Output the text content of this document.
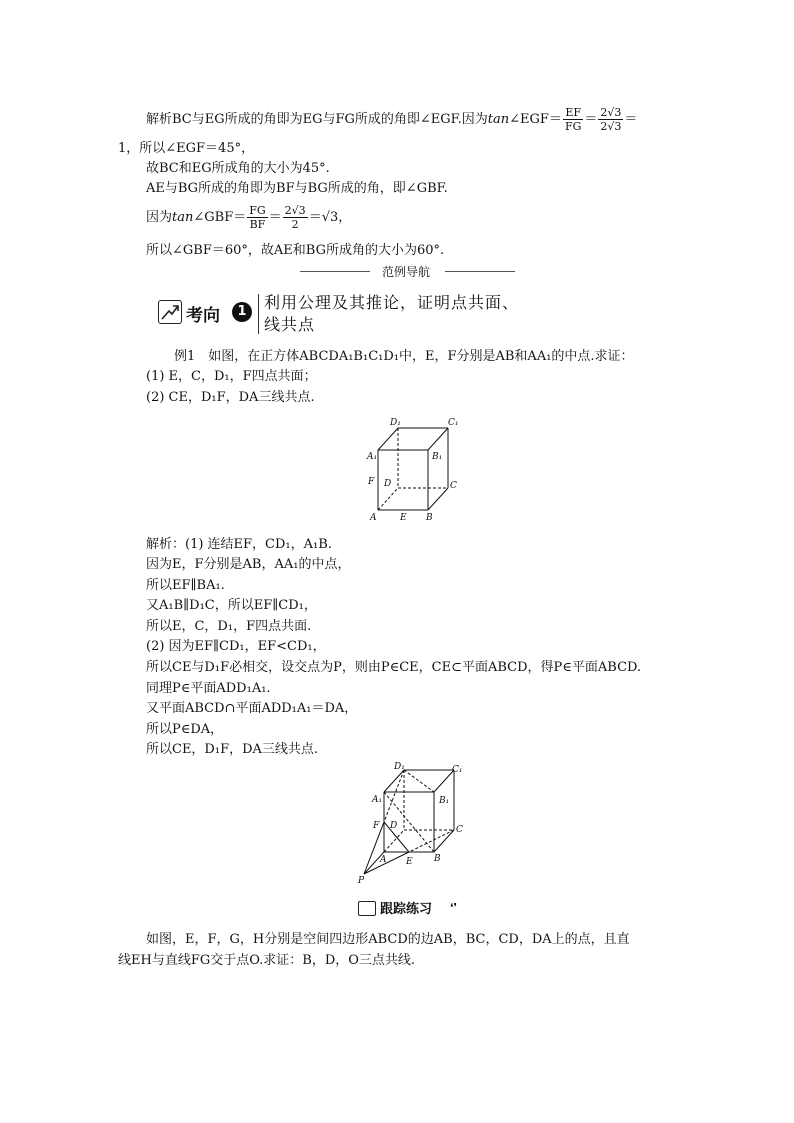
解析BC与EG所成的角即为EG与FG所成的角即∠EGF.因为tan∠EGF＝ $\frac{EF}{FG} = \frac{2√3}{2√3}$ ＝
1，所以∠EGF＝45°，
故BC和EG所成角的大小为45°.
AE与BG所成的角即为BF与BG所成的角，即∠GBF.
因为tan∠GBF＝ $\frac{FG}{BF} = \frac{2√3}{2} =√3$，
所以∠GBF＝60°，故AE和BG所成角的大小为60°.
范例导航
考向	1	利用公理及其推论，证明点共面、
线共点
例1　如图，在正方体ABCDA₁B₁C₁D₁中，E，F分别是AB和AA₁的中点.求证：
(1) E，C，D₁，F四点共面；
(2) CE，D₁F，DA三线共点.
D₁	C₁
A₁	B₁
F D	C
A	E B
解析：(1) 连结EF，CD₁，A₁B.
因为E，F分别是AB，AA₁的中点，
所以EF∥BA₁.
又A₁B∥D₁C，所以EF∥CD₁，
所以E，C，D₁，F四点共面.
(2) 因为EF∥CD₁，EF<CD₁，
所以CE与D₁F必相交，设交点为P，则由P∈CE，CE⊂平面ABCD，得P∈平面ABCD.
同理P∈平面ADD₁A₁.
又平面ABCD∩平面ADD₁A₁＝DA，
所以P∈DA，
所以CE，D₁F，DA三线共点.
D₁	C₁
A₁	B₁
F D	C
A E B
P
跟踪练习 ❛❜
如图，E，F，G，H分别是空间四边形ABCD的边AB，BC，CD，DA上的点，且直
线EH与直线FG交于点O.求证：B，D，O三点共线.
